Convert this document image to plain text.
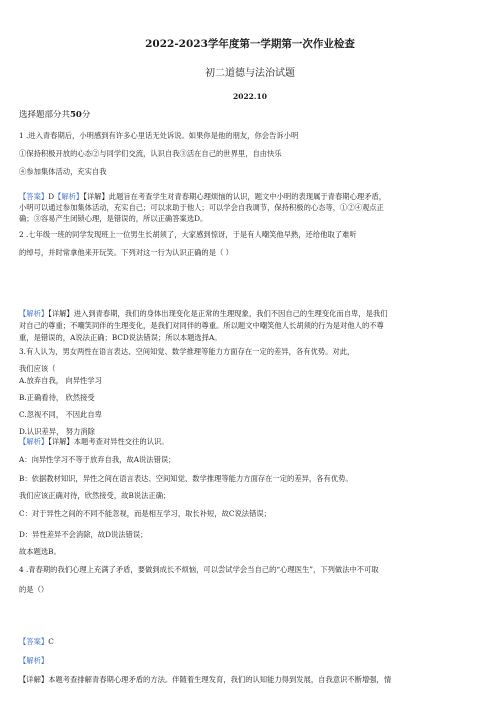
2022-2023学年度第一学期第一次作业检查
初二道德与法治试题
2022.10
选择题部分共50分
1 .进入青春期后，小明感到有许多心里话无处诉说。如果你是他的朋友，你会告诉小明
①保持积极开放的心态②与同学们交流，认识自我③活在自己的世界里，自由快乐
④参加集体活动，充实自我
【答案】D【解析】【详解】此题旨在考查学生对青春期心理烦恼的认识，题文中小明的表现属于青春期心理矛盾，
小明可以通过参加集体活动，充实自己；可以求助于他人；可以学会自我调节，保持积极的心态等，①②④观点正
确；③容易产生闭锁心理，是错误的，所以正确答案选D。
2 .七年级一班的同学发现班上一位男生长胡须了，大家感到惊讶，于是有人嘲笑他早熟，还给他取了难听
的绰号，并时常拿他来开玩笑。下列对这一行为认识正确的是（ ）
【解析】【详解】进入到青春期，我们的身体出现变化是正常的生理现象，我们不因自己的生理变化而自卑，是我们
对自己的尊重；不嘲笑同伴的生理变化，是我们对同伴的尊重。所以题文中嘲笑他人长胡须的行为是对他人的不尊
重，是错误的，A说法正确；BCD说法错误；所以本题选择A。
3.有人认为，男女两性在语言表达、空间知觉、数学推理等能力方面存在一定的差异，各有优势。对此，
我们应该（
A.放弃自我， 向异性学习
B.正确看待， 欣然接受
C.忽视不同， 不因此自卑
D.认识差异， 努力消除
【解析】【详解】本题考查对异性交往的认识。
A：向异性学习不等于放弃自我，故A说法错误；
B：依据教材知识，异性之间在语言表达、空间知觉、数学推理等能力方面存在一定的差异，各有优势。
我们应该正确对待，欣然接受，故B说法正确；
C：对于异性之间的不同不能忽视，而是相互学习，取长补短，故C说法错误；
D：异性差异不会消除，故D说法错误；
故本题选B。
4 .青春期的我们心理上充满了矛盾，要做到成长不烦恼，可以尝试学会当自己的“心理医生”，下列做法中不可取
的是（）
【答案】C
【解析】
【详解】本题考查排解青春期心理矛盾的方法。伴随着生理发育，我们的认知能力得到发展，自我意识不断增强，情
